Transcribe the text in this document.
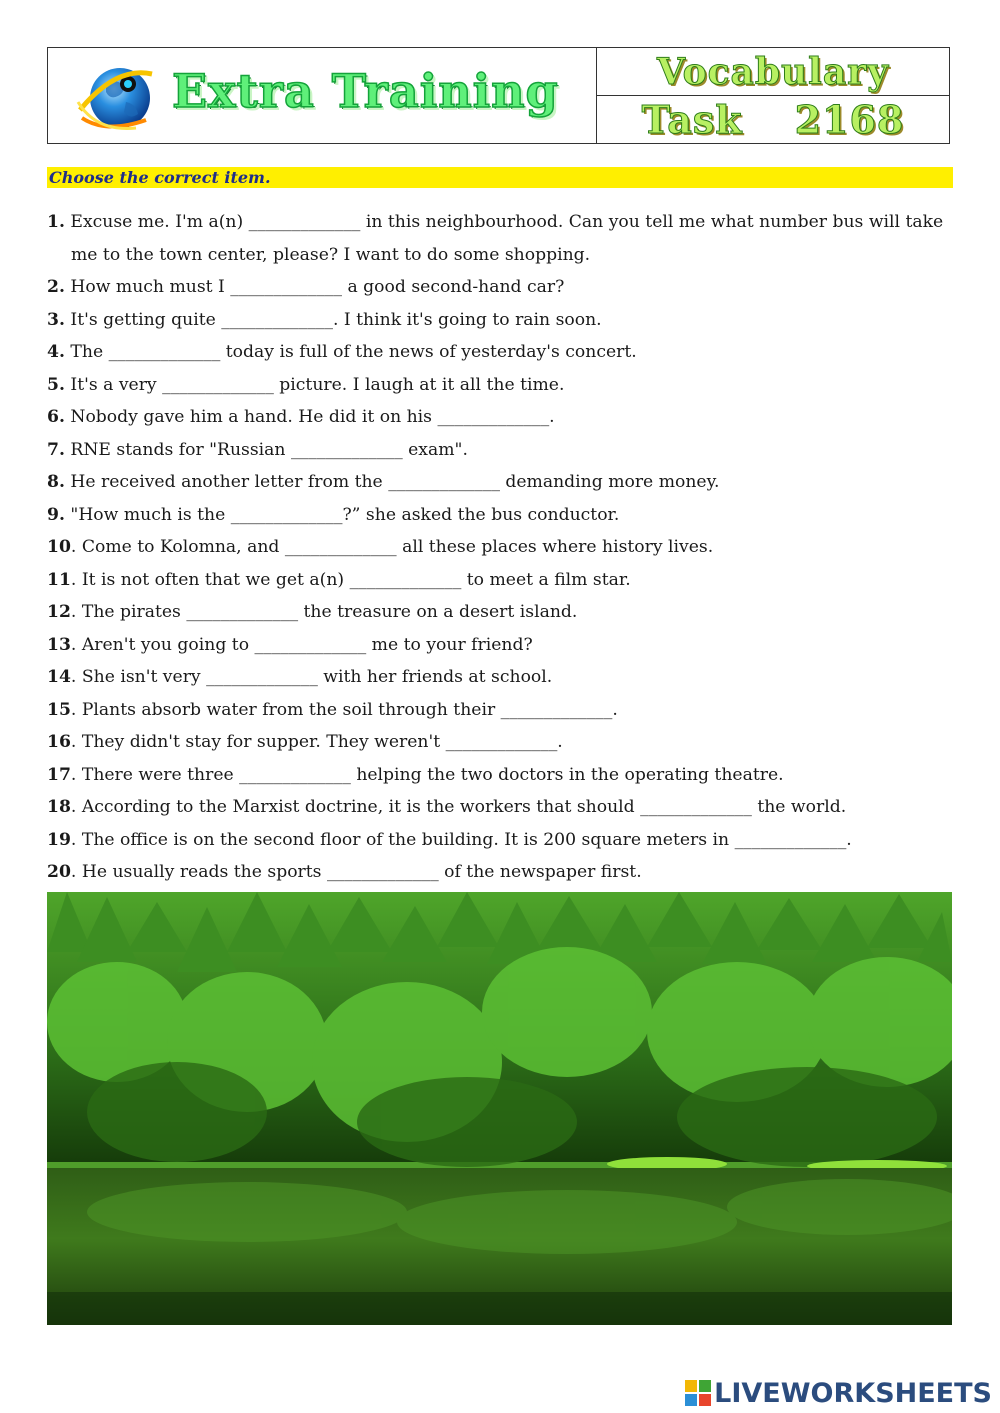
Extra Training	Vocabulary
Task 2168
Choose the correct item.
1. Excuse me. I'm a(n) _____________ in this neighbourhood. Can you tell me what number bus will take me to the town center, please? I want to do some shopping.
2. How much must I _____________ a good second-hand car?
3. It's getting quite _____________. I think it's going to rain soon.
4. The _____________ today is full of the news of yesterday's concert.
5. It's a very _____________ picture. I laugh at it all the time.
6. Nobody gave him a hand. He did it on his _____________.
7. RNE stands for "Russian _____________ exam".
8. He received another letter from the _____________ demanding more money.
9. "How much is the _____________?” she asked the bus conductor.
10. Come to Kolomna, and _____________ all these places where history lives.
11. It is not often that we get a(n) _____________ to meet a film star.
12. The pirates _____________ the treasure on a desert island.
13. Aren't you going to _____________ me to your friend?
14. She isn't very _____________ with her friends at school.
15. Plants absorb water from the soil through their _____________.
16. They didn't stay for supper. They weren't _____________.
17. There were three _____________ helping the two doctors in the operating theatre.
18. According to the Marxist doctrine, it is the workers that should _____________ the world.
19. The office is on the second floor of the building. It is 200 square meters in _____________.
20. He usually reads the sports _____________ of the newspaper first.
LIVEWORKSHEETS
